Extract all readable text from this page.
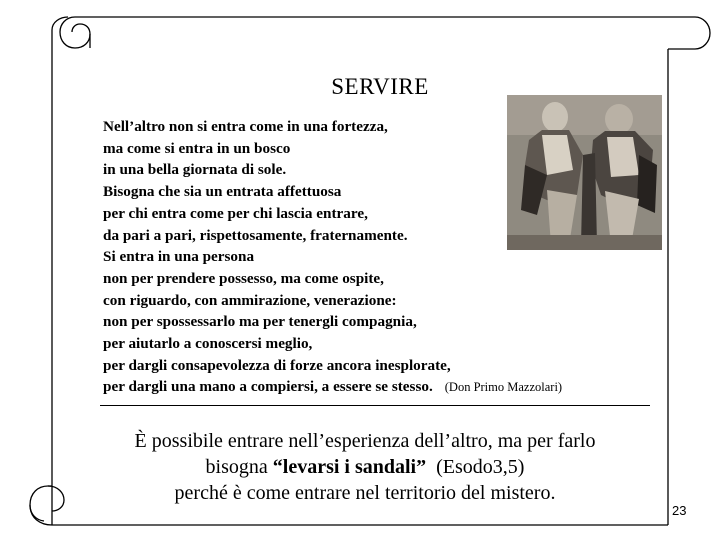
SERVIRE
Nell’altro non si entra come in una fortezza,
ma come si entra in un bosco
in una bella giornata di sole.
Bisogna che sia un entrata affettuosa
per chi entra come per chi lascia entrare,
da pari a pari, rispettosamente, fraternamente.
Si entra in una persona
non per prendere possesso, ma come ospite,
con riguardo, con ammirazione, venerazione:
non per spossessarlo ma per tenergli compagnia,
per aiutarlo a conoscersi meglio,
per dargli consapevolezza di forze ancora inesplorate,
per dargli una mano a compiersi, a essere se stesso. (Don Primo Mazzolari)
È possibile entrare nell’esperienza dell’altro, ma per farlo
bisogna “levarsi i sandali”  (Esodo3,5)
perché è come entrare nel territorio del mistero.
23
